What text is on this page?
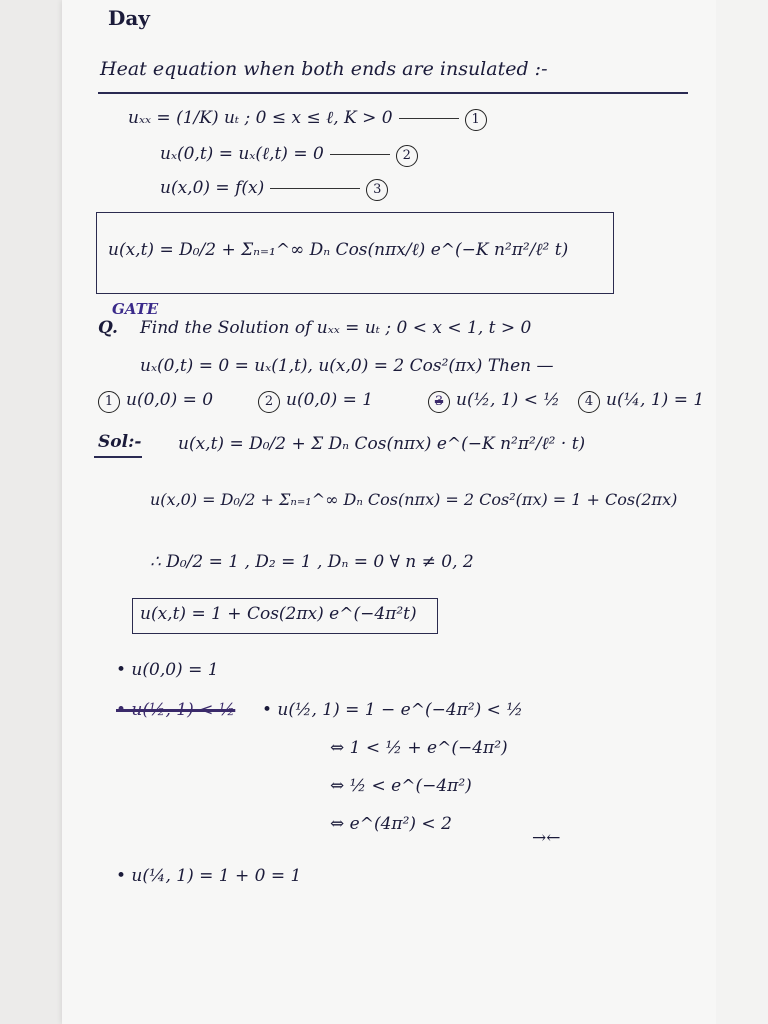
Day
Heat equation when both ends are insulated :-
uₓₓ = (1/K) uₜ ; 0 ≤ x ≤ ℓ, K > 0	1
uₓ(0,t) = uₓ(ℓ,t) = 0	2
u(x,0) = f(x)	3
u(x,t) = D₀/2 + Σₙ₌₁^∞ Dₙ Cos(nπx/ℓ) e^(−K n²π²/ℓ² t)
GATE
Q. Find the Solution of uₓₓ = uₜ ; 0 < x < 1, t > 0
uₓ(0,t) = 0 = uₓ(1,t), u(x,0) = 2 Cos²(πx) Then —
1 u(0,0) = 0	2 u(0,0) = 1	3 u(½, 1) < ½	4 u(¼, 1) = 1
Sol:- u(x,t) = D₀/2 + Σ Dₙ Cos(nπx) e^(−K n²π²/ℓ² · t)
u(x,0) = D₀/2 + Σₙ₌₁^∞ Dₙ Cos(nπx) = 2 Cos²(πx) = 1 + Cos(2πx)
∴ D₀/2 = 1 , D₂ = 1 , Dₙ = 0 ∀ n ≠ 0, 2
u(x,t) = 1 + Cos(2πx) e^(−4π²t)
• u(0,0) = 1
• u(½, 1) < ½ • u(½, 1) = 1 − e^(−4π²) < ½
⇔ 1 < ½ + e^(−4π²)
⇔ ½ < e^(−4π²)
⇔ e^(4π²) < 2
→←
• u(¼, 1) = 1 + 0 = 1
